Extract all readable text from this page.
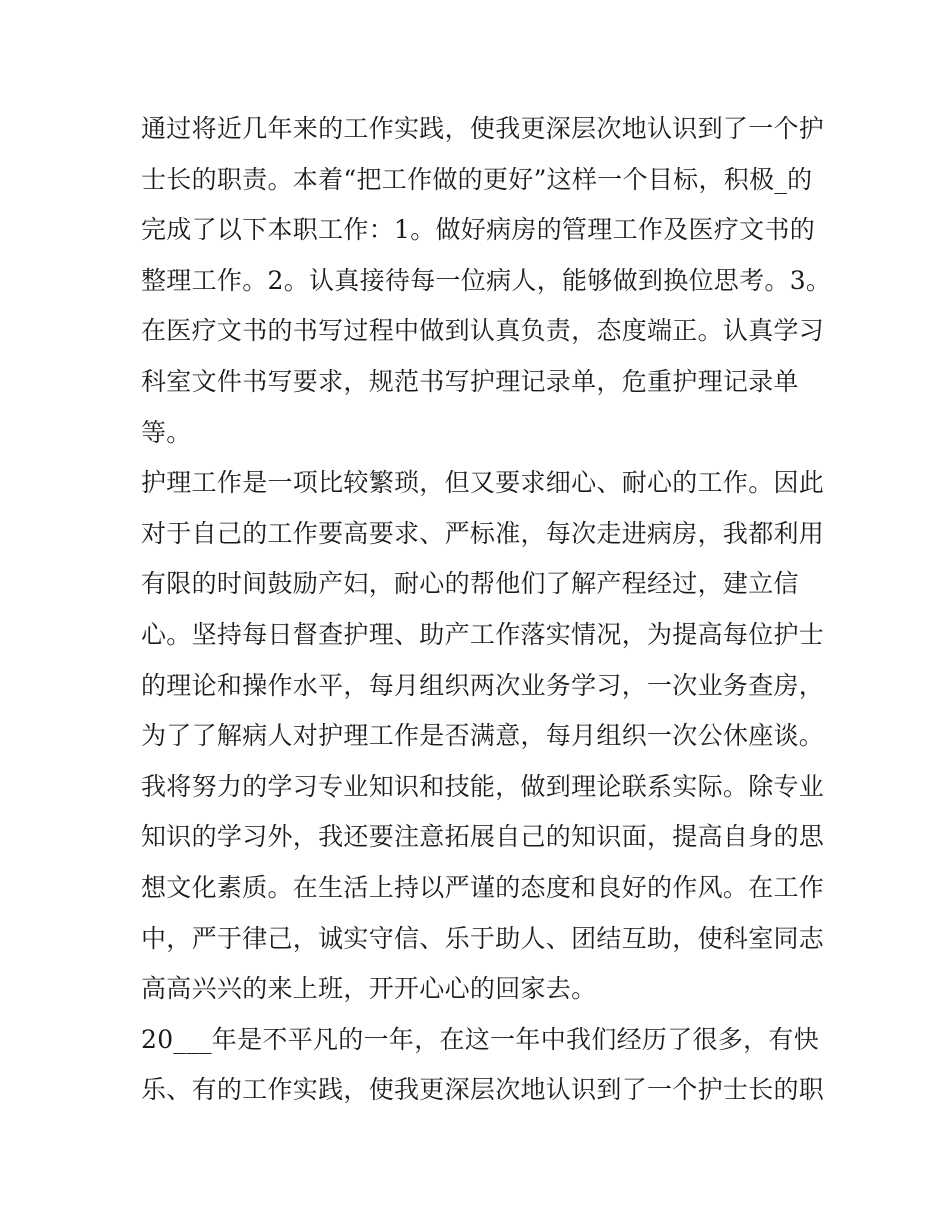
通过将近几年来的工作实践，使我更深层次地认识到了一个护
士长的职责。本着“把工作做的更好”这样一个目标，积极_的
完成了以下本职工作：1。做好病房的管理工作及医疗文书的
整理工作。2。认真接待每一位病人，能够做到换位思考。3。
在医疗文书的书写过程中做到认真负责，态度端正。认真学习
科室文件书写要求，规范书写护理记录单，危重护理记录单
等。
护理工作是一项比较繁琐，但又要求细心、耐心的工作。因此
对于自己的工作要高要求、严标准，每次走进病房，我都利用
有限的时间鼓励产妇，耐心的帮他们了解产程经过，建立信
心。坚持每日督查护理、助产工作落实情况，为提高每位护士
的理论和操作水平，每月组织两次业务学习，一次业务查房，
为了了解病人对护理工作是否满意，每月组织一次公休座谈。
我将努力的学习专业知识和技能，做到理论联系实际。除专业
知识的学习外，我还要注意拓展自己的知识面，提高自身的思
想文化素质。在生活上持以严谨的态度和良好的作风。在工作
中，严于律己，诚实守信、乐于助人、团结互助，使科室同志
高高兴兴的来上班，开开心心的回家去。
20___年是不平凡的一年，在这一年中我们经历了很多，有快
乐、有的工作实践，使我更深层次地认识到了一个护士长的职
